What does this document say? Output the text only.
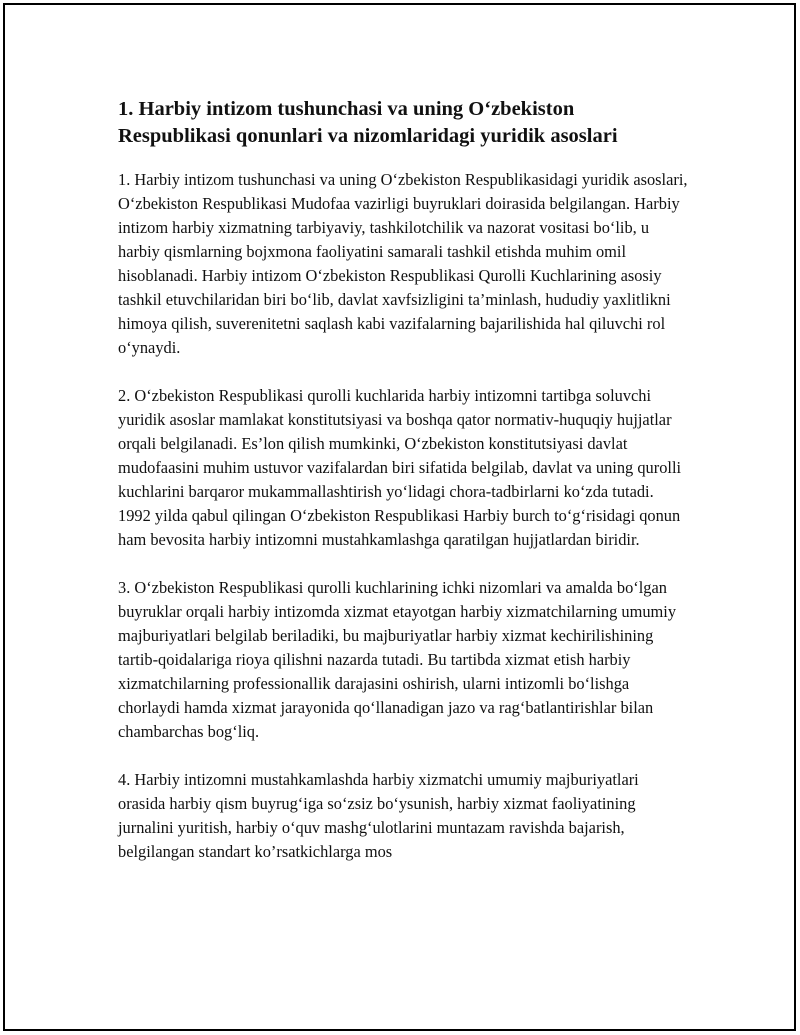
1. Harbiy intizom tushunchasi va uning O‘zbekiston Respublikasi qonunlari va nizomlaridagi yuridik asoslari

1. Harbiy intizom tushunchasi va uning O‘zbekiston Respublikasidagi yuridik asoslari, O‘zbekiston Respublikasi Mudofaa vazirligi buyruklari doirasida belgilangan. Harbiy intizom harbiy xizmatning tarbiyaviy, tashkilotchilik va nazorat vositasi bo‘lib, u harbiy qismlarning bojxmona faoliyatini samarali tashkil etishda muhim omil hisoblanadi. Harbiy intizom O‘zbekiston Respublikasi Qurolli Kuchlarining asosiy tashkil etuvchilaridan biri bo‘lib, davlat xavfsizligini ta’minlash, hududiy yaxlitlikni himoya qilish, suverenitetni saqlash kabi vazifalarning bajarilishida hal qiluvchi rol o‘ynaydi.

2. O‘zbekiston Respublikasi qurolli kuchlarida harbiy intizomni tartibga soluvchi yuridik asoslar mamlakat konstitutsiyasi va boshqa qator normativ-huquqiy hujjatlar orqali belgilanadi. Es’lon qilish mumkinki, O‘zbekiston konstitutsiyasi davlat mudofaasini muhim ustuvor vazifalardan biri sifatida belgilab, davlat va uning qurolli kuchlarini barqaror mukammallashtirish yo‘lidagi chora-tadbirlarni ko‘zda tutadi. 1992 yilda qabul qilingan O‘zbekiston Respublikasi Harbiy burch to‘g‘risidagi qonun ham bevosita harbiy intizomni mustahkamlashga qaratilgan hujjatlardan biridir.

3. O‘zbekiston Respublikasi qurolli kuchlarining ichki nizomlari va amalda bo‘lgan buyruklar orqali harbiy intizomda xizmat etayotgan harbiy xizmatchilarning umumiy majburiyatlari belgilab beriladiki, bu majburiyatlar harbiy xizmat kechirilishining tartib-qoidalariga rioya qilishni nazarda tutadi. Bu tartibda xizmat etish harbiy xizmatchilarning professionallik darajasini oshirish, ularni intizomli bo‘lishga chorlaydi hamda xizmat jarayonida qo‘llanadigan jazo va rag‘batlantirishlar bilan chambarchas bog‘liq.

4. Harbiy intizomni mustahkamlashda harbiy xizmatchi umumiy majburiyatlari orasida harbiy qism buyrug‘iga so‘zsiz bo‘ysunish, harbiy xizmat faoliyatining jurnalini yuritish, harbiy o‘quv mashg‘ulotlarini muntazam ravishda bajarish, belgilangan standart ko’rsatkichlarga mos
